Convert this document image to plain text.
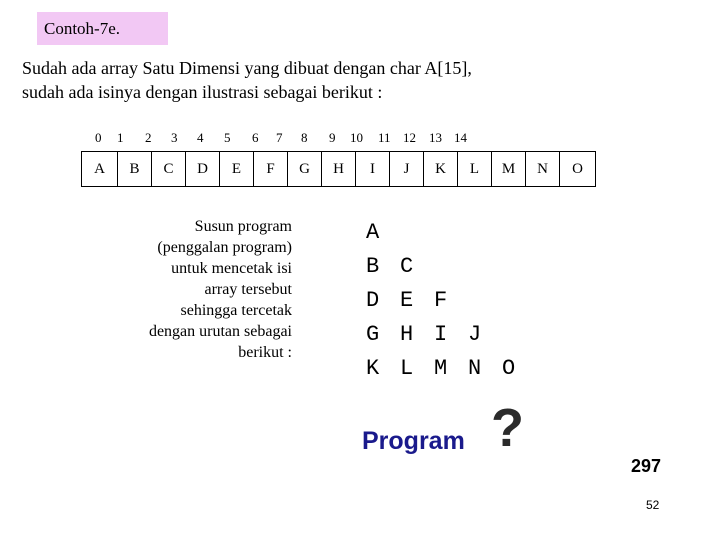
Contoh-7e.
Sudah ada array Satu Dimensi yang dibuat dengan char A[15],
sudah ada isinya dengan ilustrasi sebagai berikut :
0 1 2 3 4 5 6 7 8 9 10 11 12 13 14
A	B	C	D	E	F	G	H	I	J	K	L	M	N	O
Susun program
(penggalan program)
untuk mencetak isi
array tersebut
sehingga tercetak
dengan urutan sebagai
berikut :
A
B C
D E F
G H I J
K L M N O
Program ?
297
52
